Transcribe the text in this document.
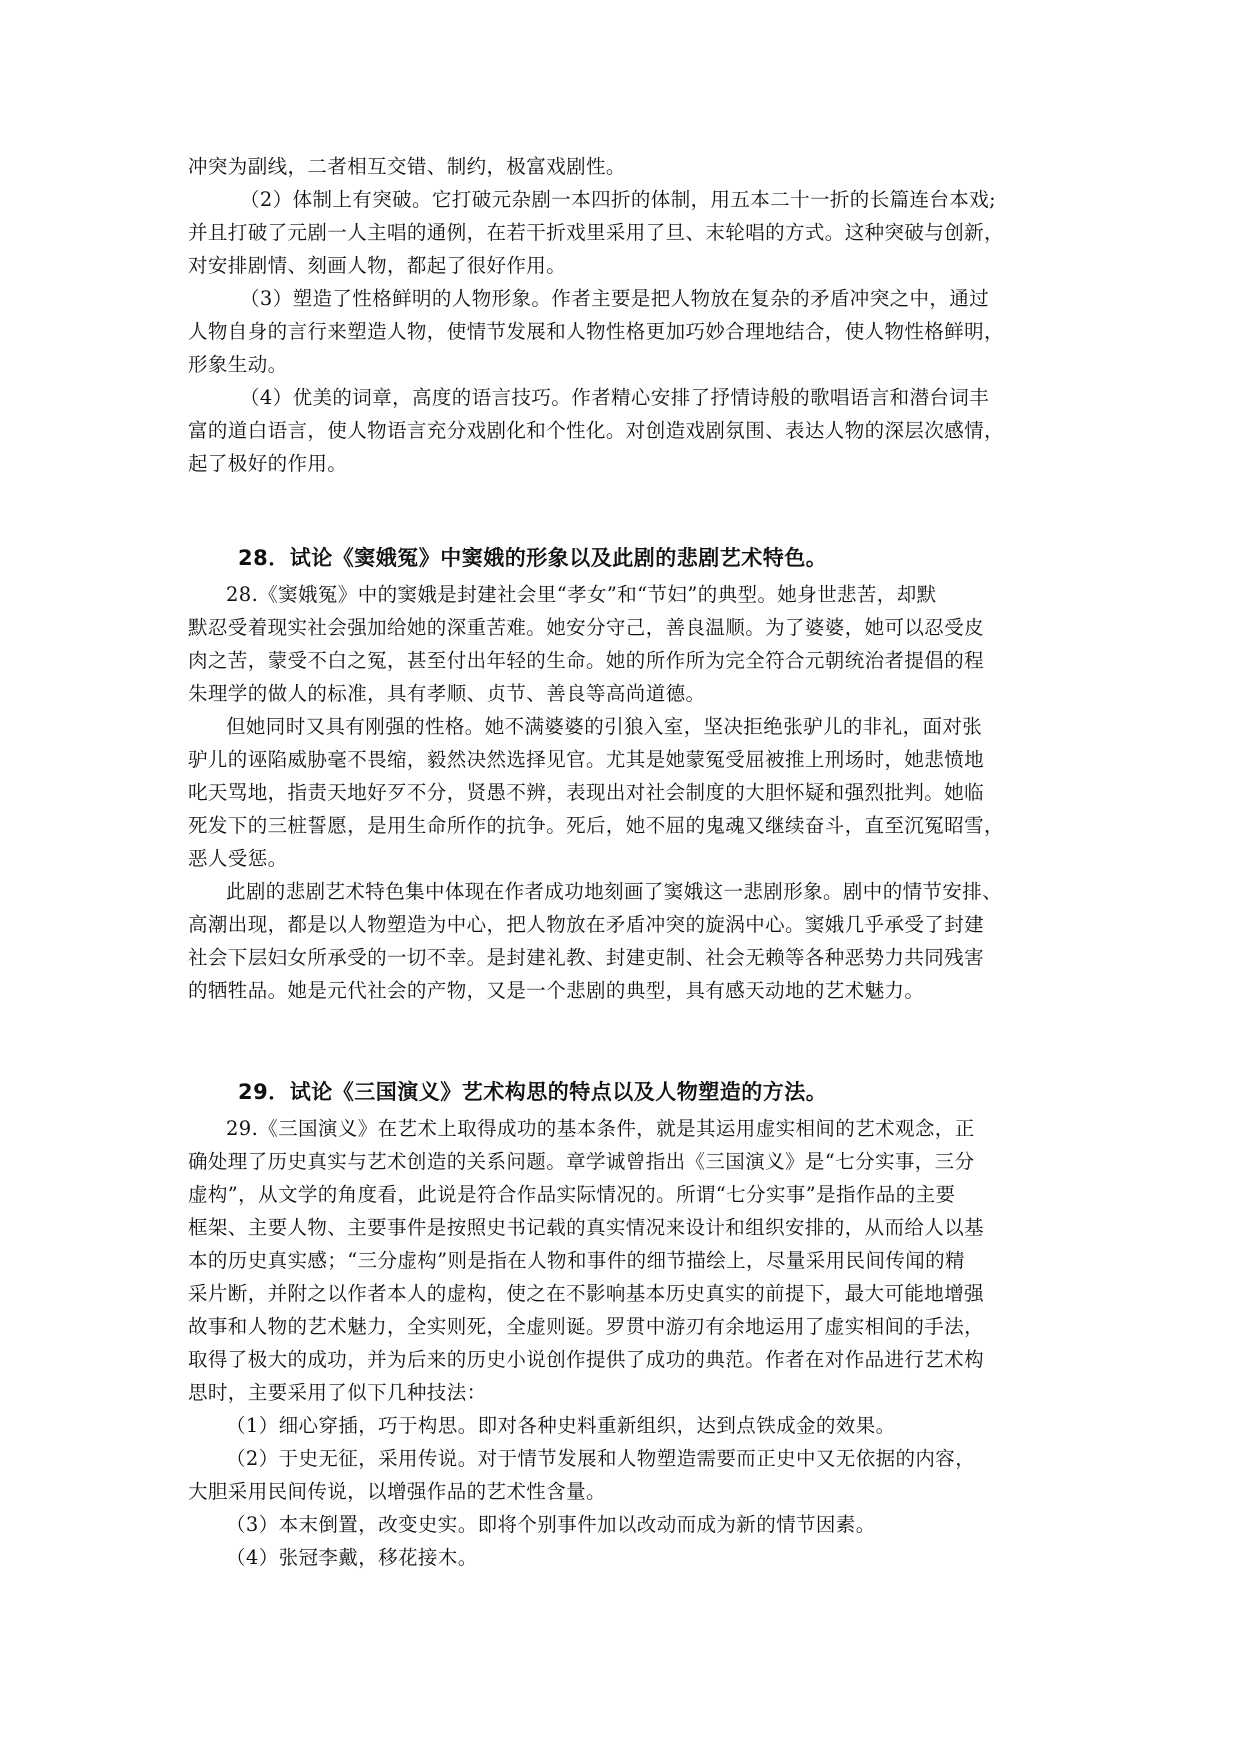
冲突为副线，二者相互交错、制约，极富戏剧性。
（2）体制上有突破。它打破元杂剧一本四折的体制，用五本二十一折的长篇连台本戏;
并且打破了元剧一人主唱的通例，在若干折戏里采用了旦、末轮唱的方式。这种突破与创新，
对安排剧情、刻画人物，都起了很好作用。
（3）塑造了性格鲜明的人物形象。作者主要是把人物放在复杂的矛盾冲突之中，通过
人物自身的言行来塑造人物，使情节发展和人物性格更加巧妙合理地结合，使人物性格鲜明，
形象生动。
（4）优美的词章，高度的语言技巧。作者精心安排了抒情诗般的歌唱语言和潜台词丰
富的道白语言，使人物语言充分戏剧化和个性化。对创造戏剧氛围、表达人物的深层次感情，
起了极好的作用。
28．试论《窦娥冤》中窦娥的形象以及此剧的悲剧艺术特色。
28.《窦娥冤》中的窦娥是封建社会里“孝女”和“节妇”的典型。她身世悲苦，却默
默忍受着现实社会强加给她的深重苦难。她安分守己，善良温顺。为了婆婆，她可以忍受皮
肉之苦，蒙受不白之冤，甚至付出年轻的生命。她的所作所为完全符合元朝统治者提倡的程
朱理学的做人的标准，具有孝顺、贞节、善良等高尚道德。
但她同时又具有刚强的性格。她不满婆婆的引狼入室，坚决拒绝张驴儿的非礼，面对张
驴儿的诬陷威胁毫不畏缩，毅然决然选择见官。尤其是她蒙冤受屈被推上刑场时，她悲愤地
叱天骂地，指责天地好歹不分，贤愚不辨，表现出对社会制度的大胆怀疑和强烈批判。她临
死发下的三桩誓愿，是用生命所作的抗争。死后，她不屈的鬼魂又继续奋斗，直至沉冤昭雪，
恶人受惩。
此剧的悲剧艺术特色集中体现在作者成功地刻画了窦娥这一悲剧形象。剧中的情节安排、
高潮出现，都是以人物塑造为中心，把人物放在矛盾冲突的旋涡中心。窦娥几乎承受了封建
社会下层妇女所承受的一切不幸。是封建礼教、封建吏制、社会无赖等各种恶势力共同残害
的牺牲品。她是元代社会的产物，又是一个悲剧的典型，具有感天动地的艺术魅力。
29．试论《三国演义》艺术构思的特点以及人物塑造的方法。
29.《三国演义》在艺术上取得成功的基本条件，就是其运用虚实相间的艺术观念，正
确处理了历史真实与艺术创造的关系问题。章学诚曾指出《三国演义》是“七分实事，三分
虚构”，从文学的角度看，此说是符合作品实际情况的。所谓“七分实事”是指作品的主要
框架、主要人物、主要事件是按照史书记载的真实情况来设计和组织安排的，从而给人以基
本的历史真实感；“三分虚构”则是指在人物和事件的细节描绘上，尽量采用民间传闻的精
采片断，并附之以作者本人的虚构，使之在不影响基本历史真实的前提下，最大可能地增强
故事和人物的艺术魅力，全实则死，全虚则诞。罗贯中游刃有余地运用了虚实相间的手法，
取得了极大的成功，并为后来的历史小说创作提供了成功的典范。作者在对作品进行艺术构
思时，主要采用了似下几种技法：
（1）细心穿插，巧于构思。即对各种史料重新组织，达到点铁成金的效果。
（2）于史无征，采用传说。对于情节发展和人物塑造需要而正史中又无依据的内容，
大胆采用民间传说，以增强作品的艺术性含量。
（3）本末倒置，改变史实。即将个别事件加以改动而成为新的情节因素。
（4）张冠李戴，移花接木。
